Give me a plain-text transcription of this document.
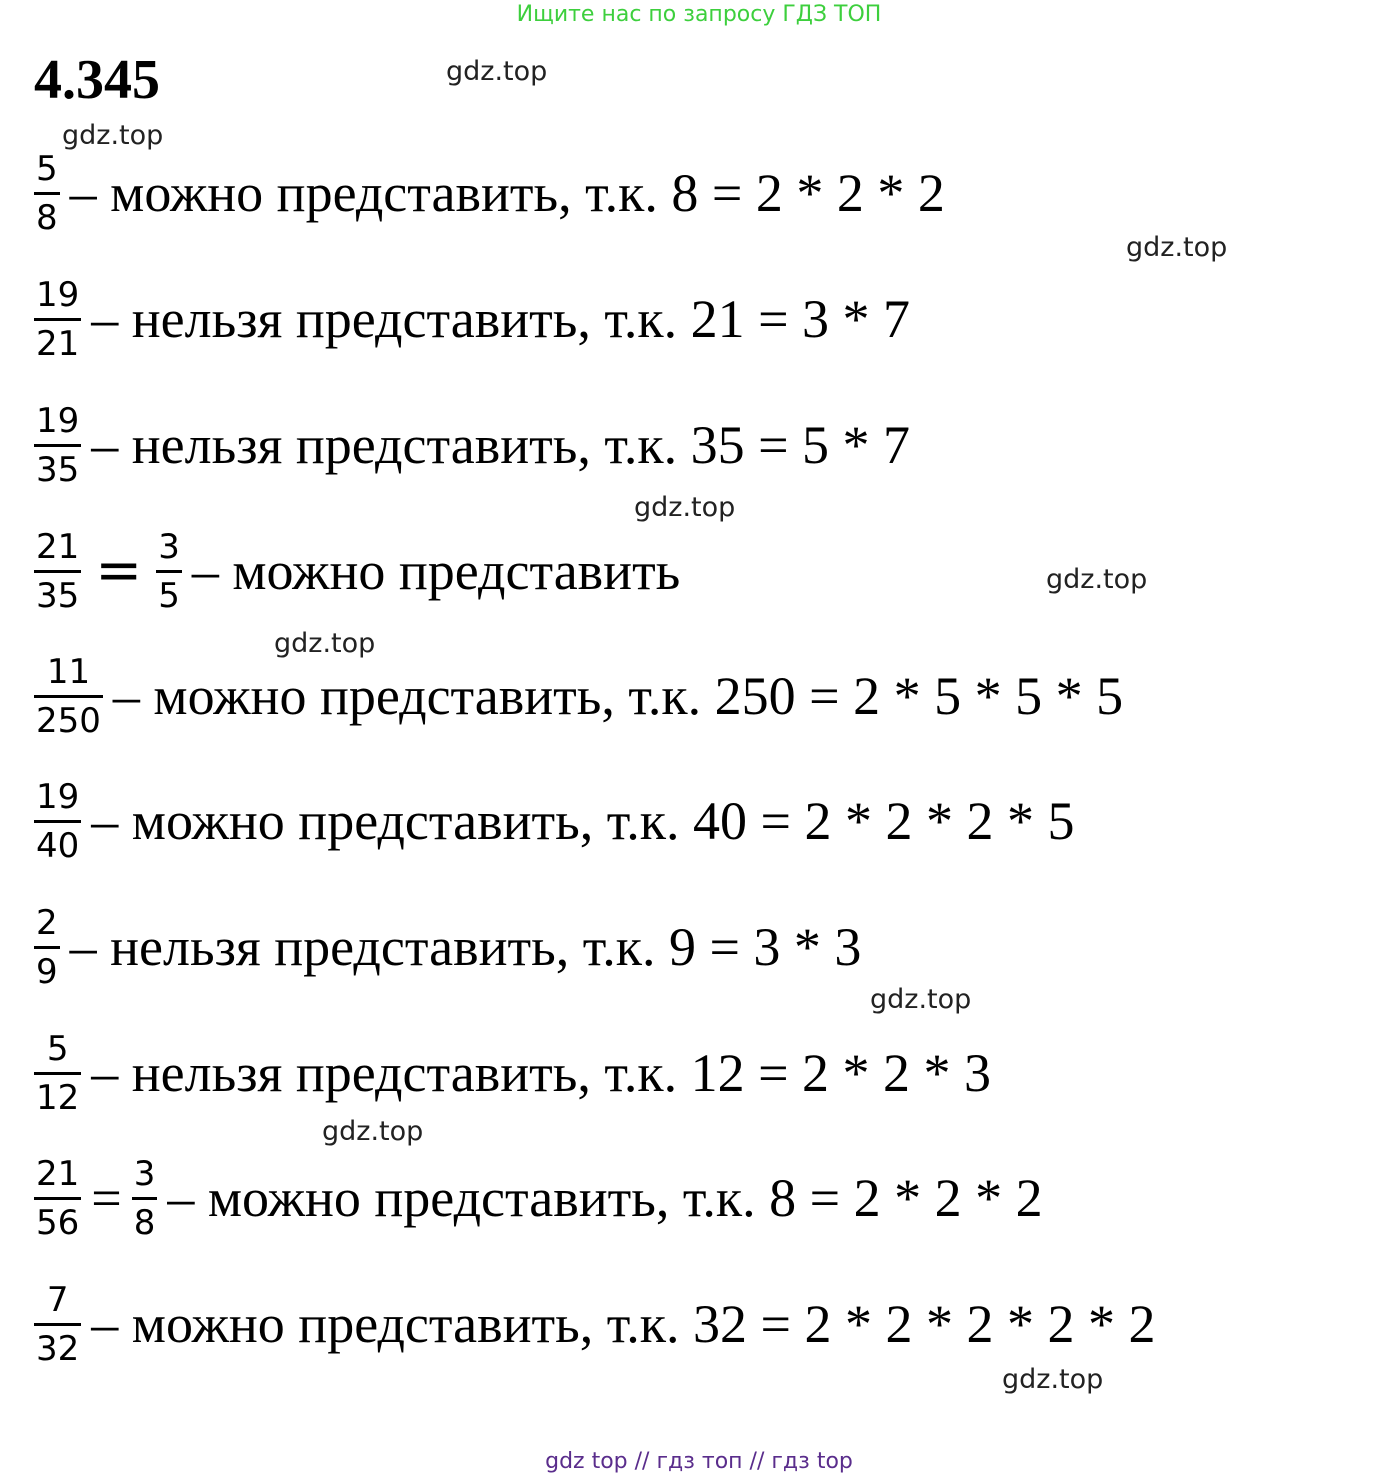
Ищите нас по запросу ГДЗ ТОП
4.345	gdz.top
gdz.top
gdz.top
gdz.top
gdz.top
gdz.top
gdz.top
gdz.top
gdz.top
$\frac{5}{8}$ – можно представить, т.к. 8 = 2 * 2 * 2
$\frac{19}{21}$ – нельзя представить, т.к. 21 = 3 * 7
$\frac{19}{35}$ – нельзя представить, т.к. 35 = 5 * 7
$\frac{21}{35} = \frac{3}{5}$ – можно представить
$\frac{11}{250}$ – можно представить, т.к. 250 = 2 * 5 * 5 * 5
$\frac{19}{40}$ – можно представить, т.к. 40 = 2 * 2 * 2 * 5
$\frac{2}{9}$ – нельзя представить, т.к. 9 = 3 * 3
$\frac{5}{12}$ – нельзя представить, т.к. 12 = 2 * 2 * 3
$\frac{21}{56} = \frac{3}{8}$ – можно представить, т.к. 8 = 2 * 2 * 2
$\frac{7}{32}$ – можно представить, т.к. 32 = 2 * 2 * 2 * 2 * 2
gdz top // гдз топ // гдз top
